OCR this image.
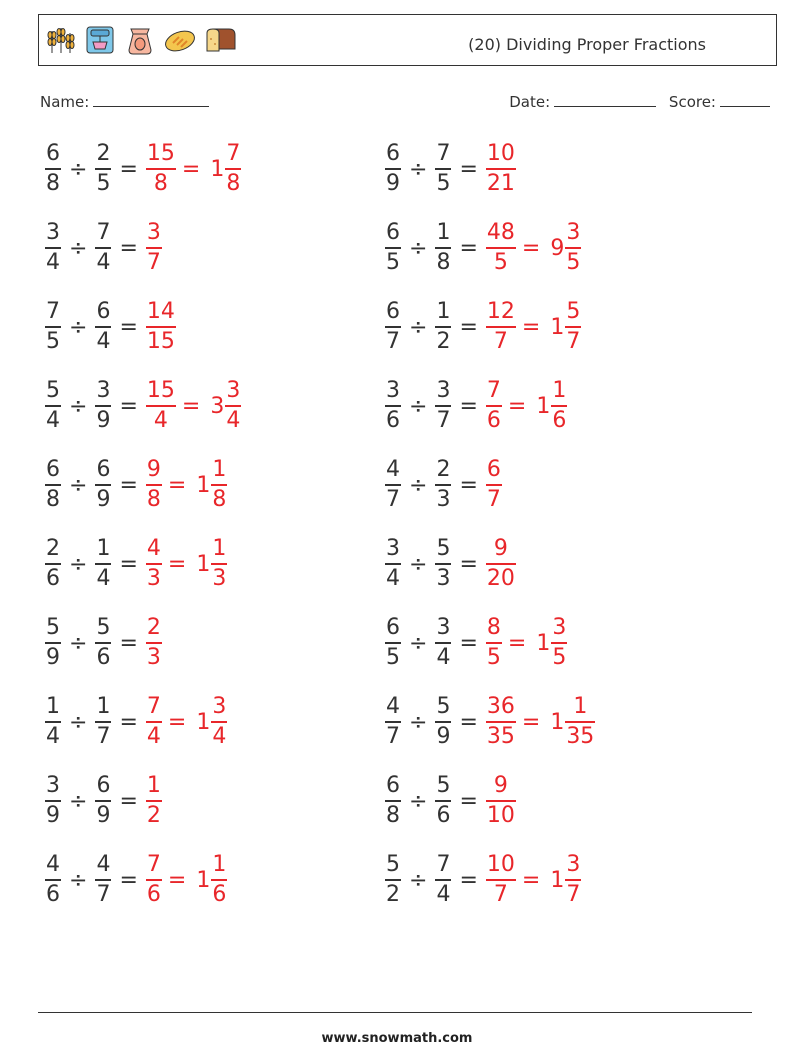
(20) Dividing Proper Fractions
Name:	Date:	Score:
$\frac{6}{8} \div \frac{2}{5} = \frac{15}{8} = 1 \frac{7}{8}$	$\frac{6}{9} \div \frac{7}{5} = \frac{10}{21}$
$\frac{3}{4} \div \frac{7}{4} = \frac{3}{7}$	$\frac{6}{5} \div \frac{1}{8} = \frac{48}{5} = 9 \frac{3}{5}$
$\frac{7}{5} \div \frac{6}{4} = \frac{14}{15}$	$\frac{6}{7} \div \frac{1}{2} = \frac{12}{7} = 1 \frac{5}{7}$
$\frac{5}{4} \div \frac{3}{9} = \frac{15}{4} = 3 \frac{3}{4}$	$\frac{3}{6} \div \frac{3}{7} = \frac{7}{6} = 1 \frac{1}{6}$
$\frac{6}{8} \div \frac{6}{9} = \frac{9}{8} = 1 \frac{1}{8}$	$\frac{4}{7} \div \frac{2}{3} = \frac{6}{7}$
$\frac{2}{6} \div \frac{1}{4} = \frac{4}{3} = 1 \frac{1}{3}$	$\frac{3}{4} \div \frac{5}{3} = \frac{9}{20}$
$\frac{5}{9} \div \frac{5}{6} = \frac{2}{3}$	$\frac{6}{5} \div \frac{3}{4} = \frac{8}{5} = 1 \frac{3}{5}$
$\frac{1}{4} \div \frac{1}{7} = \frac{7}{4} = 1 \frac{3}{4}$	$\frac{4}{7} \div \frac{5}{9} = \frac{36}{35} = 1 \frac{1}{35}$
$\frac{3}{9} \div \frac{6}{9} = \frac{1}{2}$	$\frac{6}{8} \div \frac{5}{6} = \frac{9}{10}$
$\frac{4}{6} \div \frac{4}{7} = \frac{7}{6} = 1 \frac{1}{6}$	$\frac{5}{2} \div \frac{7}{4} = \frac{10}{7} = 1 \frac{3}{7}$
www.snowmath.com
